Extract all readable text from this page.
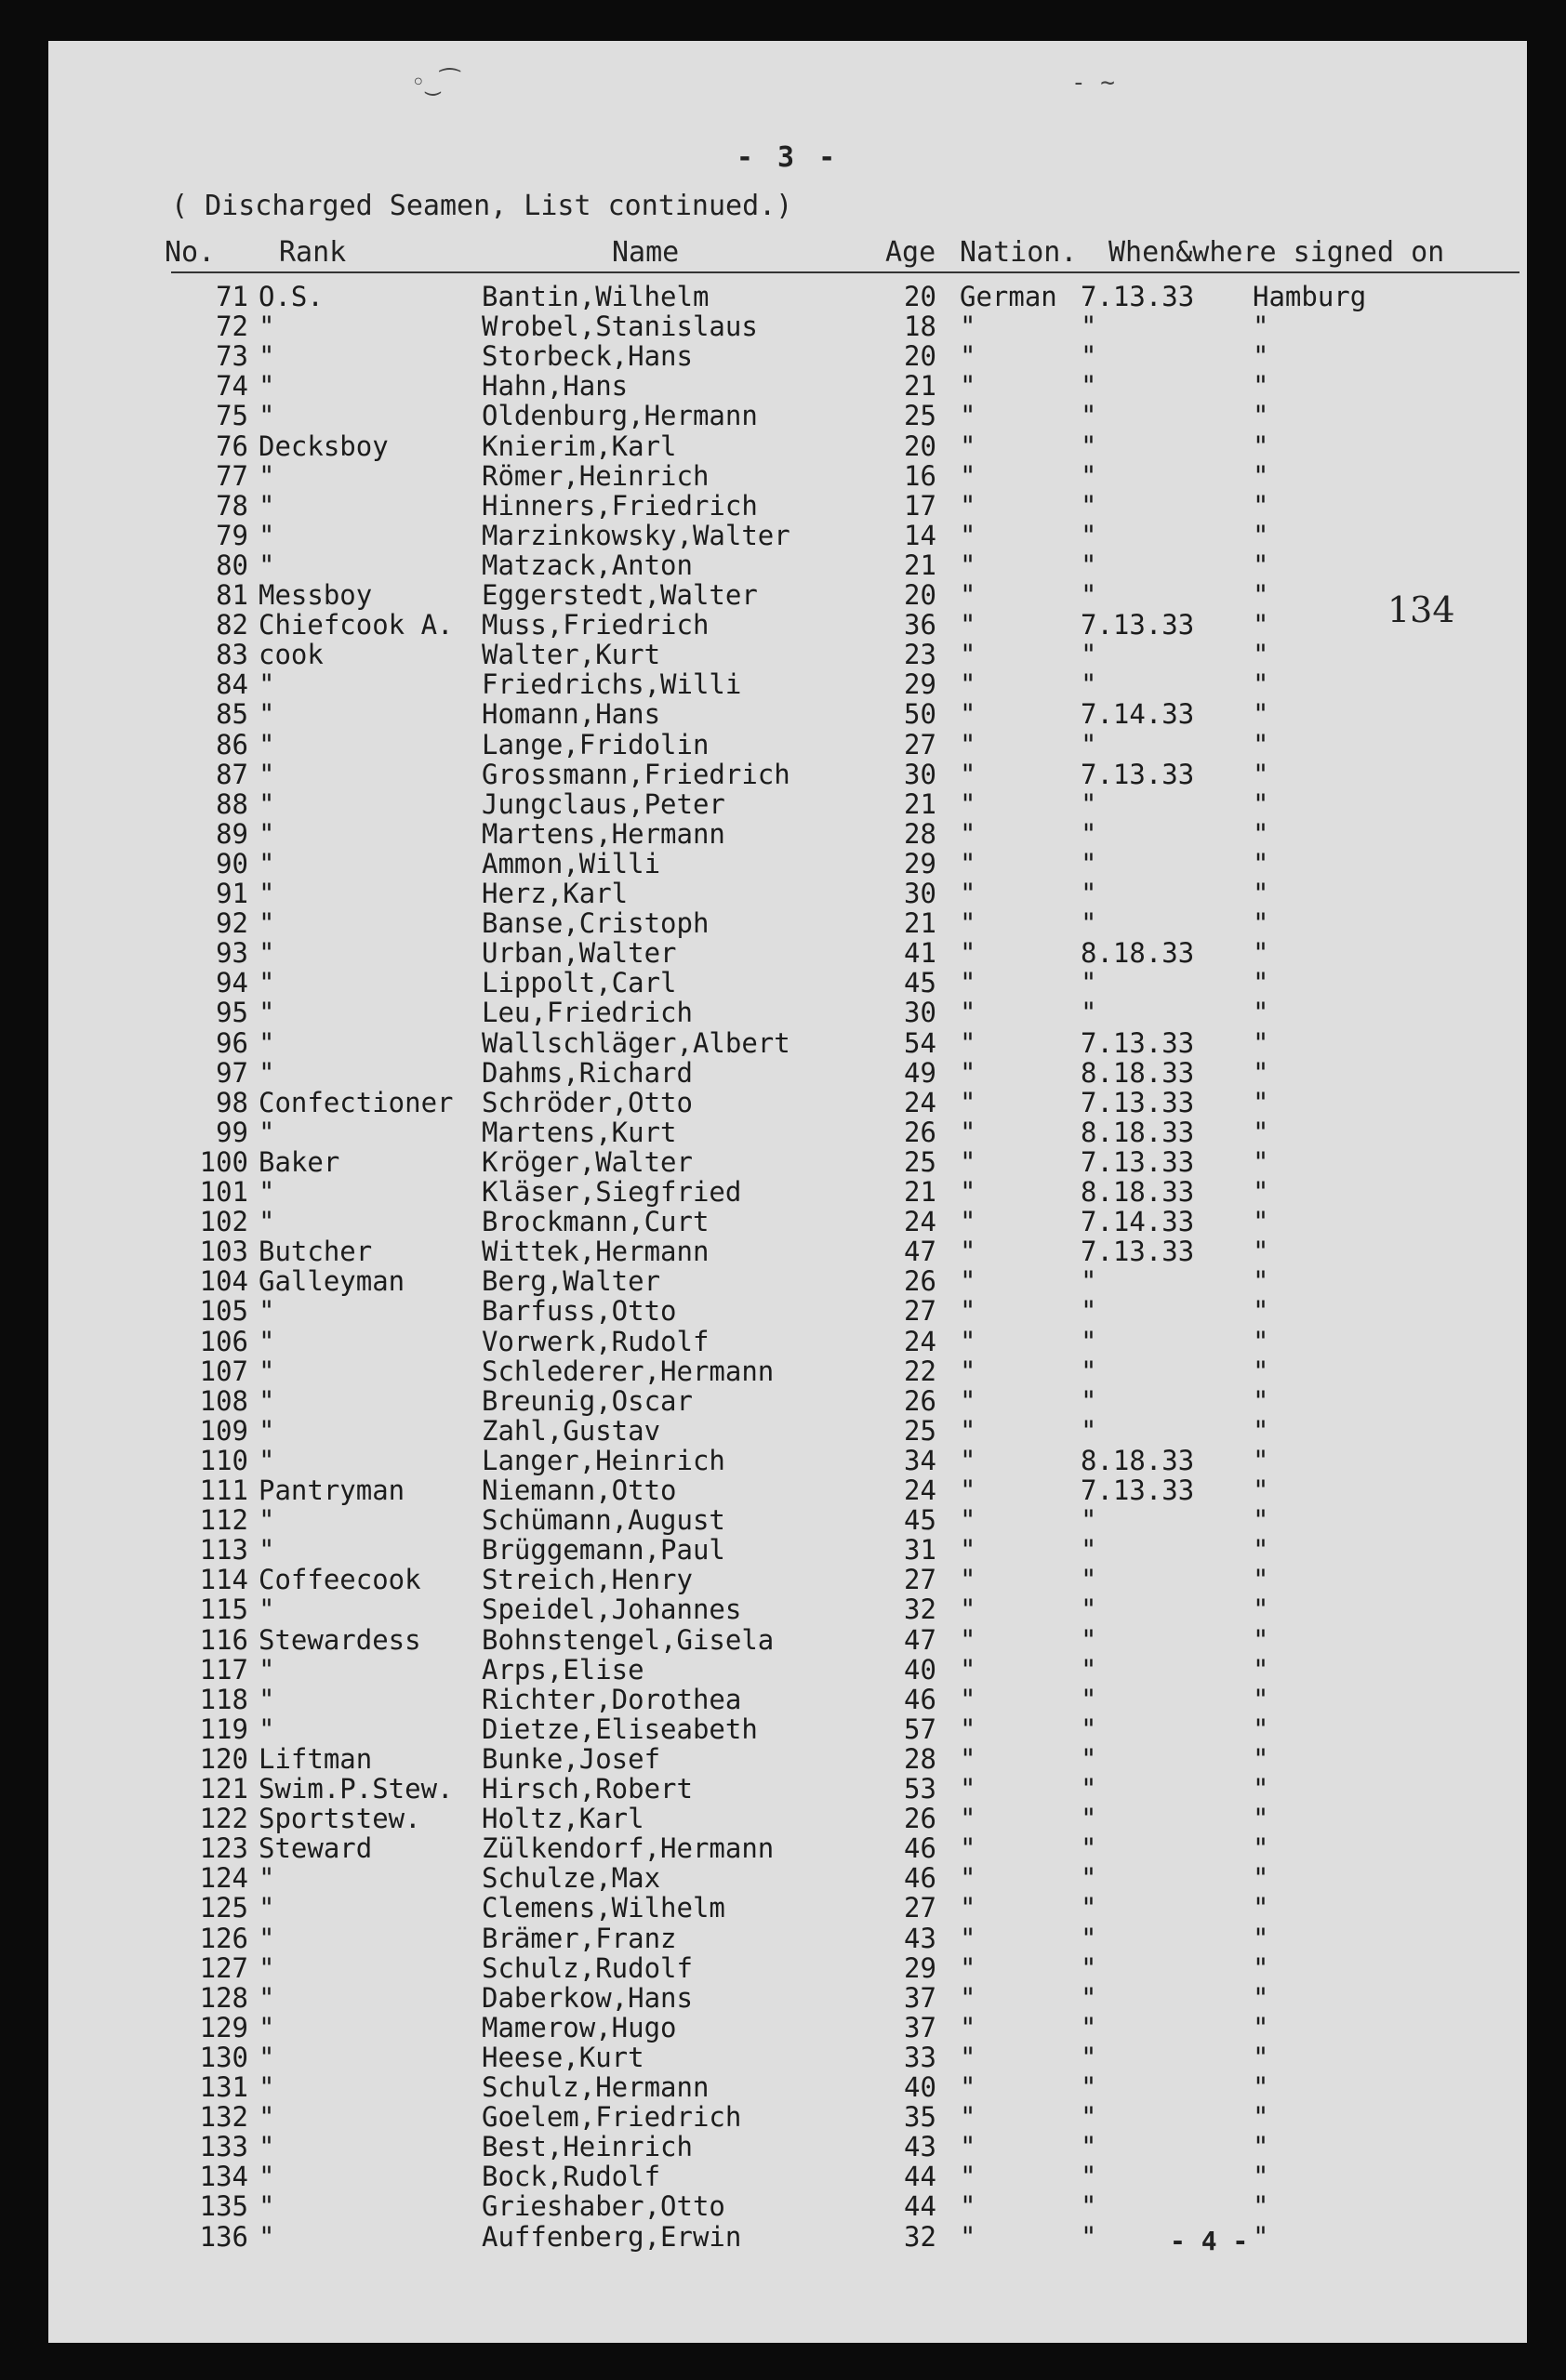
◦‿⁀	- ~
- 3 -
( Discharged Seamen, List continued.)
No. Rank	Name	Age Nation. When&where signed on
71 O.S.	Bantin,Wilhelm	20 German 7.13.33 Hamburg
72 "	Wrobel,Stanislaus	18 "	"	"
73 "	Storbeck,Hans	20 "	"	"
74 "	Hahn,Hans	21 "	"	"
75 "	Oldenburg,Hermann	25 "	"	"
76 Decksboy	Knierim,Karl	20 "	"	"
77 "	Römer,Heinrich	16 "	"	"
78 "	Hinners,Friedrich	17 "	"	"
79 "	Marzinkowsky,Walter	14 "	"	"
80 "	Matzack,Anton	21 "	"	"
81 Messboy	Eggerstedt,Walter	20 "	"	"
82 Chiefcook A. Muss,Friedrich	36 "	7.13.33 "
83 cook	Walter,Kurt	23 "	"	"
84 "	Friedrichs,Willi	29 "	"	"
85 "	Homann,Hans	50 "	7.14.33 "
86 "	Lange,Fridolin	27 "	"	"
87 "	Grossmann,Friedrich	30 "	7.13.33 "
88 "	Jungclaus,Peter	21 "	"	"
89 "	Martens,Hermann	28 "	"	"
90 "	Ammon,Willi	29 "	"	"
91 "	Herz,Karl	30 "	"	"
92 "	Banse,Cristoph	21 "	"	"
93 "	Urban,Walter	41 "	8.18.33 "
94 "	Lippolt,Carl	45 "	"	"
95 "	Leu,Friedrich	30 "	"	"
96 "	Wallschläger,Albert	54 "	7.13.33 "
97 "	Dahms,Richard	49 "	8.18.33 "
98 Confectioner Schröder,Otto	24 "	7.13.33 "
99 "	Martens,Kurt	26 "	8.18.33 "
100 Baker	Kröger,Walter	25 "	7.13.33 "
101 "	Kläser,Siegfried	21 "	8.18.33 "
102 "	Brockmann,Curt	24 "	7.14.33 "
103 Butcher	Wittek,Hermann	47 "	7.13.33 "
104 Galleyman	Berg,Walter	26 "	"	"
105 "	Barfuss,Otto	27 "	"	"
106 "	Vorwerk,Rudolf	24 "	"	"
107 "	Schlederer,Hermann	22 "	"	"
108 "	Breunig,Oscar	26 "	"	"
109 "	Zahl,Gustav	25 "	"	"
110 "	Langer,Heinrich	34 "	8.18.33 "
111 Pantryman	Niemann,Otto	24 "	7.13.33 "
112 "	Schümann,August	45 "	"	"
113 "	Brüggemann,Paul	31 "	"	"
114 Coffeecook Streich,Henry	27 "	"	"
115 "	Speidel,Johannes	32 "	"	"
116 Stewardess Bohnstengel,Gisela	47 "	"	"
117 "	Arps,Elise	40 "	"	"
118 "	Richter,Dorothea	46 "	"	"
119 "	Dietze,Eliseabeth	57 "	"	"
120 Liftman	Bunke,Josef	28 "	"	"
121 Swim.P.Stew. Hirsch,Robert	53 "	"	"
122 Sportstew. Holtz,Karl	26 "	"	"
123 Steward	Zülkendorf,Hermann	46 "	"	"
124 "	Schulze,Max	46 "	"	"
125 "	Clemens,Wilhelm	27 "	"	"
126 "	Brämer,Franz	43 "	"	"
127 "	Schulz,Rudolf	29 "	"	"
128 "	Daberkow,Hans	37 "	"	"
129 "	Mamerow,Hugo	37 "	"	"
130 "	Heese,Kurt	33 "	"	"
131 "	Schulz,Hermann	40 "	"	"
132 "	Goelem,Friedrich	35 "	"	"
133 "	Best,Heinrich	43 "	"	"
134 "	Bock,Rudolf	44 "	"	"
135 "	Grieshaber,Otto	44 "	"	"
136 "	Auffenberg,Erwin	32 "	"	"
134
- 4 -
